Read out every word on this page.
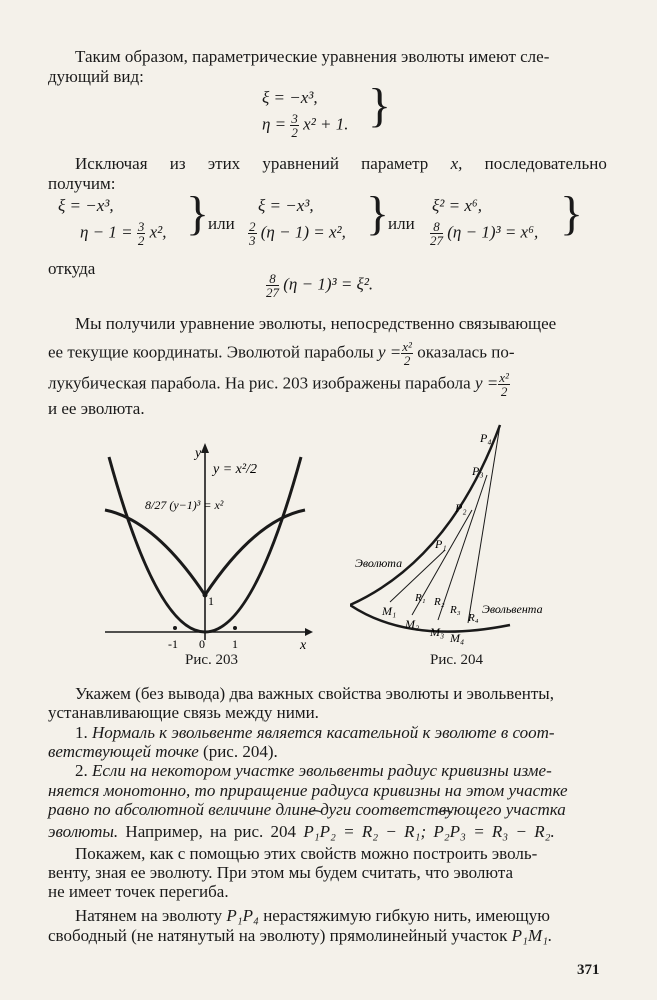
Таким образом, параметрические уравнения эволюты имеют сле-
дующий вид:
ξ = −x³,
$\eta = \frac{3}{2} x^2 + 1$. }
Исключая из этих уравнений параметр x, последовательно
получим:
ξ = −x³,
$\eta - 1 = \frac{3}{2} x^2$, }
или
ξ = −x³,
$\frac{2}{3} (\eta - 1) = x^2$, }
или
ξ² = x⁶,
$\frac{8}{27} (\eta - 1)^3 = x^6$, }
откуда
$\frac{8}{27} (\eta - 1)^3 = \xi^2$.
Мы получили уравнение эволюты, непосредственно связывающее
ее текущие координаты. Эволютой параболы $y = \frac{\text{x²}}{2}$ оказалась по-
лукубическая парабола. На рис. 203 изображены парабола $y = \frac{\text{x²}}{2}$
и ее эволюта.
y = x²/2
8/27 (y−1)³ = x²
y
x
-1 0 1
1
Рис. 203
P₄
P₃
P₂
P₁
R₁ R₂
R₃
R₄
M₁
M₂
M₃ M₄
Эволюта
Эвольвента
Рис. 204
Укажем (без вывода) два важных свойства эволюты и эвольвенты,
устанавливающие связь между ними.
1. Нормаль к эвольвенте является касательной к эволюте в соот-
ветствующей точке (рис. 204).
2. Если на некотором участке эвольвенты радиус кривизны изме-
няется монотонно, то приращение радиуса кривизны на этом участке
равно по абсолютной величине длине дуги соответствующего участка
эволюты. Например, на рис. 204 ⁀ P₁P₂ = R₂ − R₁; ⁀ P₂P₃ = R₃ − R₂.
Покажем, как с помощью этих свойств можно построить эволь-
венту, зная ее эволюту. При этом мы будем считать, что эволюта
не имеет точек перегиба.
Натянем на эволюту P₁P₄ нерастяжимую гибкую нить, имеющую
свободный (не натянутый на эволюту) прямолинейный участок P₁M₁.
371
